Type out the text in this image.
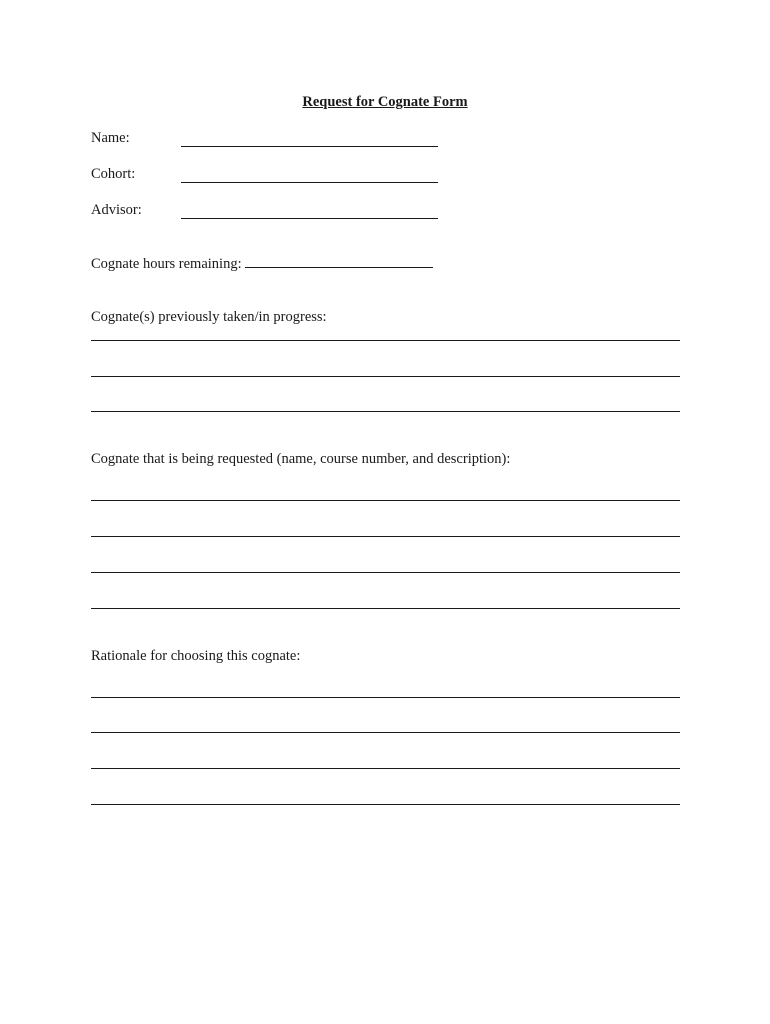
Request for Cognate Form
Name:
Cohort:
Advisor:
Cognate hours remaining:
Cognate(s) previously taken/in progress:
Cognate that is being requested (name, course number, and description):
Rationale for choosing this cognate:
